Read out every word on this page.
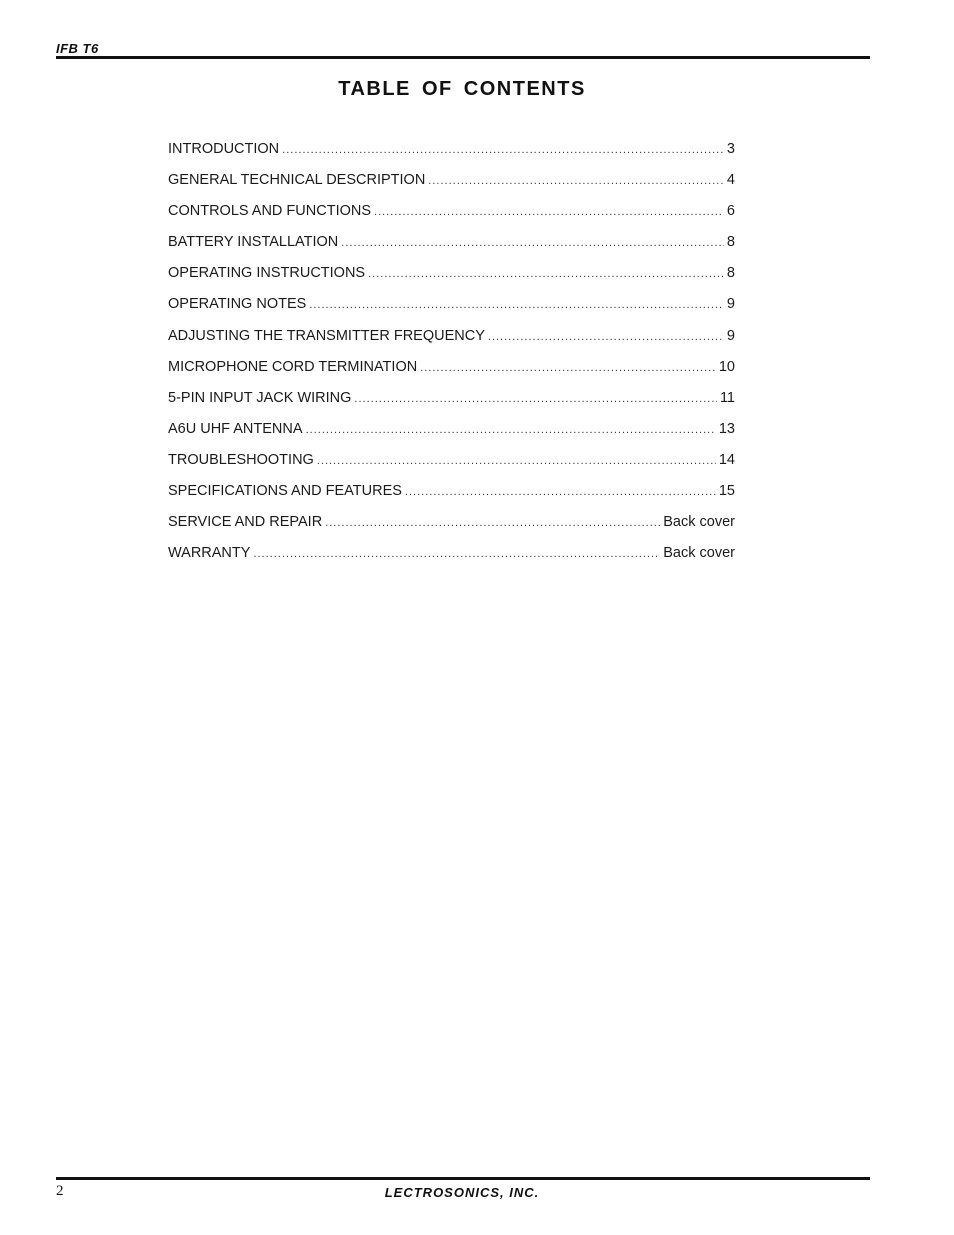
IFB T6
TABLE OF CONTENTS
INTRODUCTION .....	3
GENERAL TECHNICAL DESCRIPTION .....	4
CONTROLS AND FUNCTIONS .....	6
BATTERY INSTALLATION .....	8
OPERATING INSTRUCTIONS .....	8
OPERATING NOTES .....	9
ADJUSTING THE TRANSMITTER FREQUENCY .....	9
MICROPHONE CORD TERMINATION .....	10
5-PIN INPUT JACK WIRING .....	11
A6U UHF ANTENNA .....	13
TROUBLESHOOTING .....	14
SPECIFICATIONS AND FEATURES .....	15
SERVICE AND REPAIR .....	Back cover
WARRANTY .....	Back cover
2	LECTROSONICS, INC.
